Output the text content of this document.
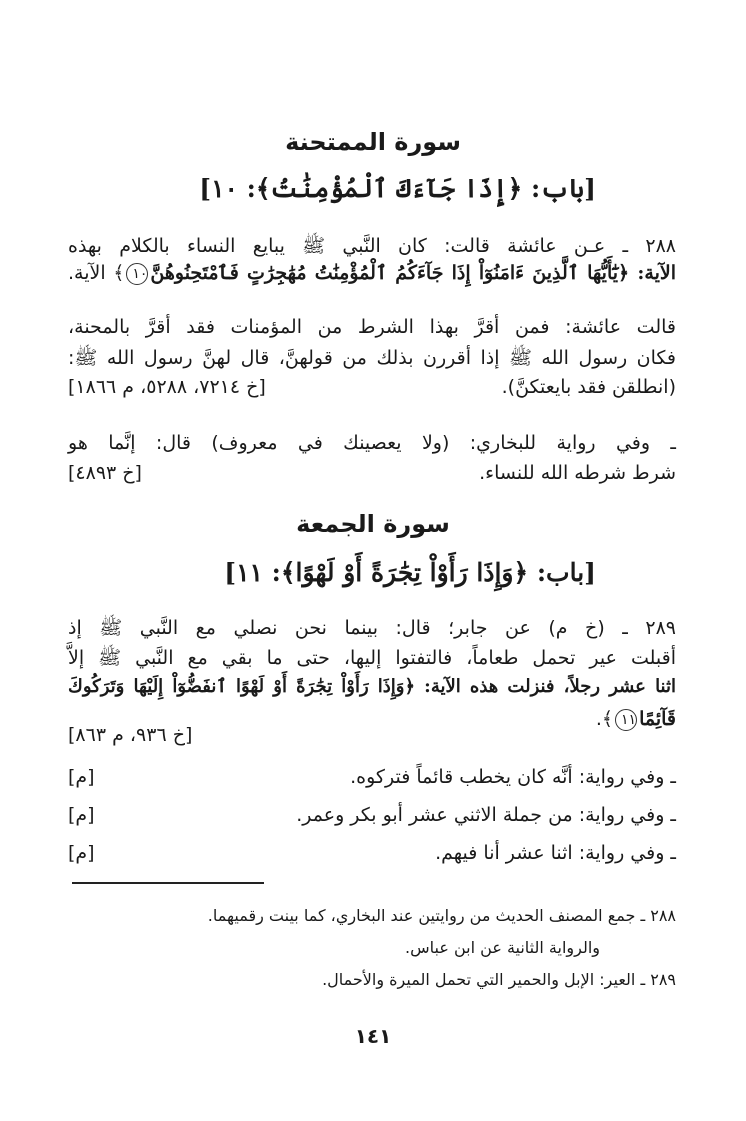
سورة الممتحنة
[باب: ﴿إِذَا جَآءَكَ ٱلْمُؤْمِنَٰتُ﴾: ١٠]
٢٨٨ ـ عـن عائشة قالت: كان النَّبي ﷺ يبايع النساء بالكلام بهذه
الآية: ﴿يَٰٓأَيُّهَا ٱلَّذِينَ ءَامَنُوٓاْ إِذَا جَآءَكُمُ ٱلْمُؤْمِنَٰتُ مُهَٰجِرَٰتٍ فَٱمْتَحِنُوهُنَّ١٠﴾ الآية.
قالت عائشة: فمن أقرَّ بهذا الشرط من المؤمنات فقد أقرَّ بالمحنة،
فكان رسول الله ﷺ إذا أقررن بذلك من قولهنَّ، قال لهنَّ رسول الله ﷺ:
(انطلقن فقد بايعتكنَّ).
[خ ٧٢١٤، ٥٢٨٨، م ١٨٦٦]
ـ وفي رواية للبخاري: (ولا يعصينك في معروف) قال: إنَّما هو
شرط شرطه الله للنساء.
[خ ٤٨٩٣]
سورة الجمعة
[باب: ﴿وَإِذَا رَأَوْاْ تِجَٰرَةً أَوْ لَهْوًا﴾: ١١]
٢٨٩ ـ (خ م) عن جابر؛ قال: بينما نحن نصلي مع النَّبي ﷺ إذ
أقبلت عير تحمل طعاماً، فالتفتوا إليها، حتى ما بقي مع النَّبي ﷺ إلاَّ
اثنا عشر رجلاً، فنزلت هذه الآية: ﴿وَإِذَا رَأَوْاْ تِجَٰرَةً أَوْ لَهْوًا ٱنفَضُّوٓاْ إِلَيْهَا وَتَرَكُوكَ
قَآئِمًا١١﴾.
[خ ٩٣٦، م ٨٦٣]
ـ وفي رواية: أنَّه كان يخطب قائماً فتركوه.
[م]
ـ وفي رواية: من جملة الاثني عشر أبو بكر وعمر.
[م]
ـ وفي رواية: اثنا عشر أنا فيهم.
[م]
٢٨٨ ـ جمع المصنف الحديث من روايتين عند البخاري، كما بينت رقميهما.
والرواية الثانية عن ابن عباس.
٢٨٩ ـ العير: الإبل والحمير التي تحمل الميرة والأحمال.
١٤١
